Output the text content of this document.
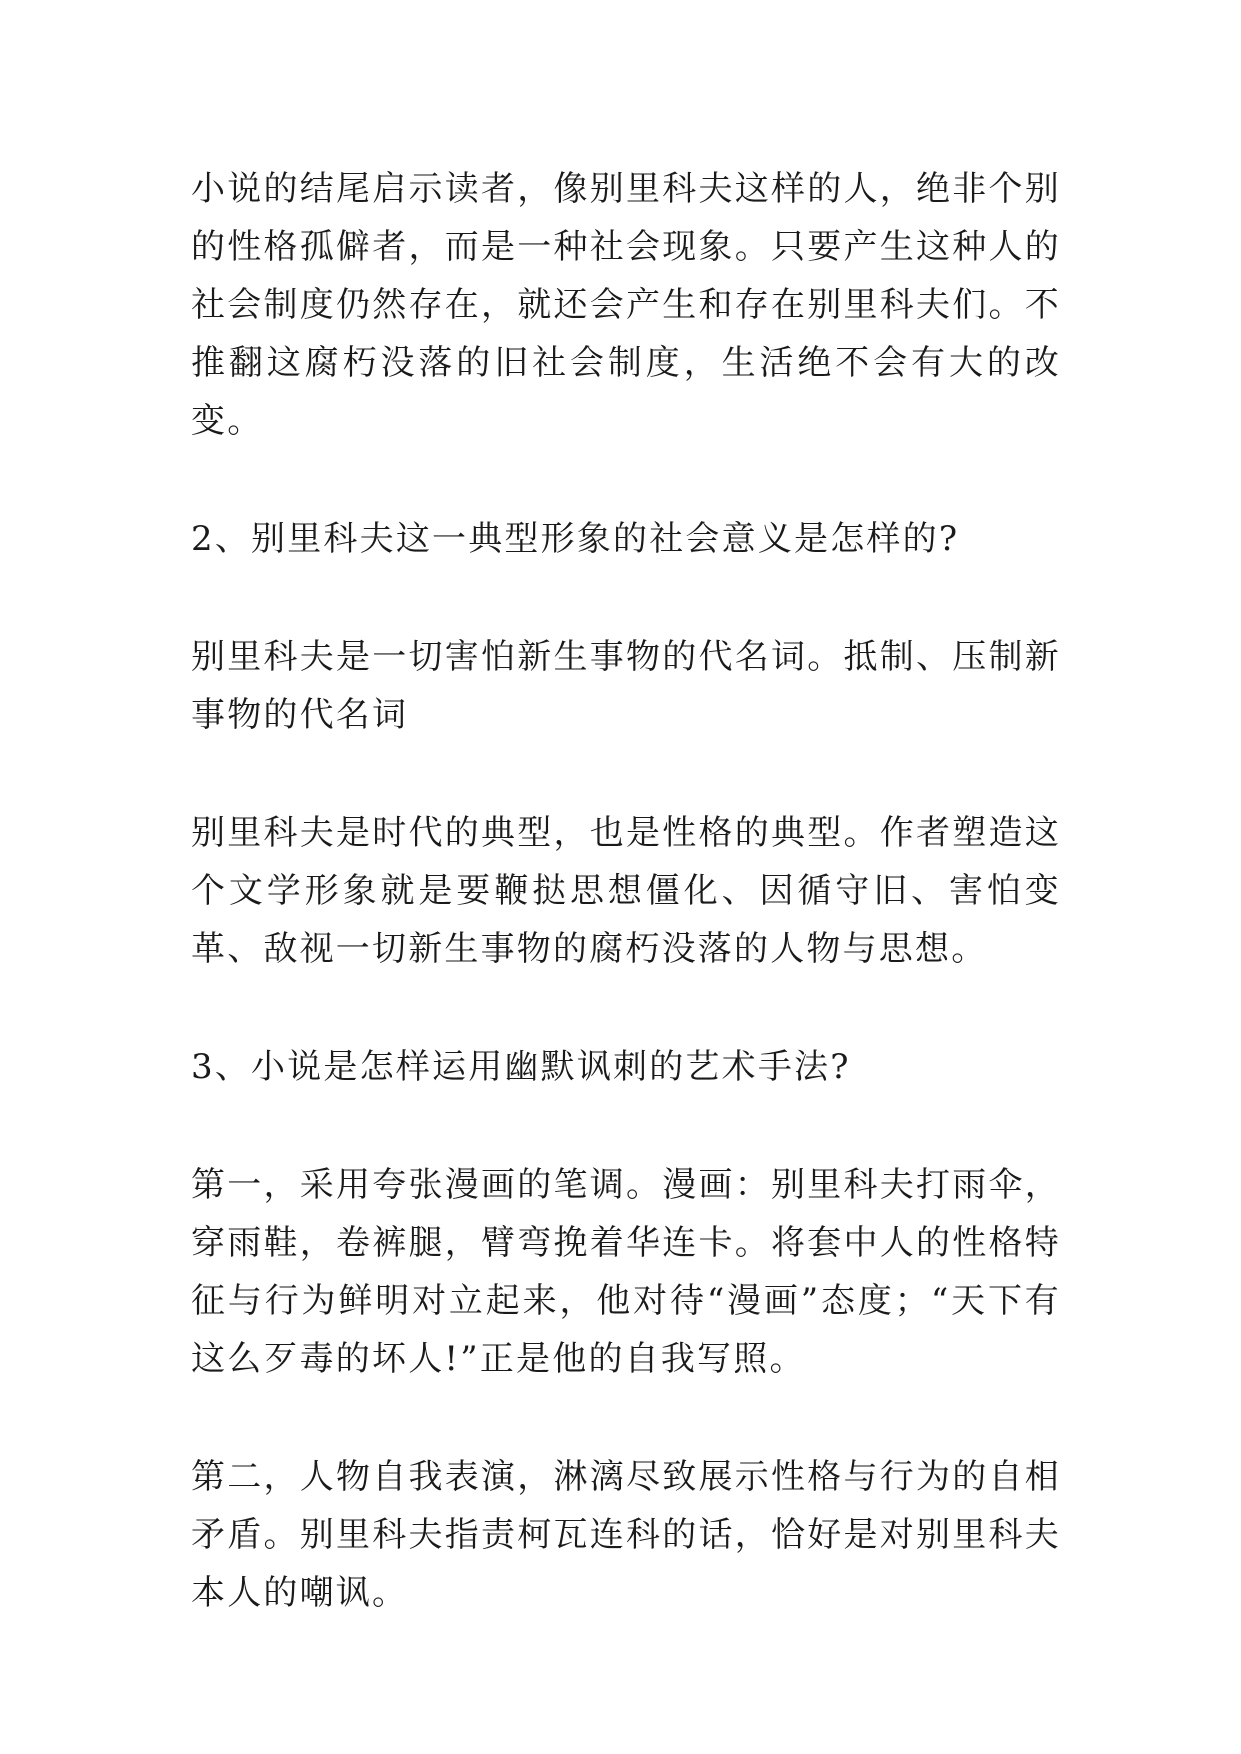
小说的结尾启示读者，像别里科夫这样的人，绝非个别的性格孤僻者，而是一种社会现象。只要产生这种人的社会制度仍然存在，就还会产生和存在别里科夫们。不推翻这腐朽没落的旧社会制度，生活绝不会有大的改变。

2、别里科夫这一典型形象的社会意义是怎样的?

别里科夫是一切害怕新生事物的代名词。抵制、压制新事物的代名词

别里科夫是时代的典型，也是性格的典型。作者塑造这个文学形象就是要鞭挞思想僵化、因循守旧、害怕变革、敌视一切新生事物的腐朽没落的人物与思想。

3、小说是怎样运用幽默讽刺的艺术手法?

第一，采用夸张漫画的笔调。漫画：别里科夫打雨伞，穿雨鞋，卷裤腿，臂弯挽着华连卡。将套中人的性格特征与行为鲜明对立起来，他对待“漫画”态度；“天下有这么歹毒的坏人!”正是他的自我写照。

第二，人物自我表演，淋漓尽致展示性格与行为的自相矛盾。别里科夫指责柯瓦连科的话，恰好是对别里科夫本人的嘲讽。
